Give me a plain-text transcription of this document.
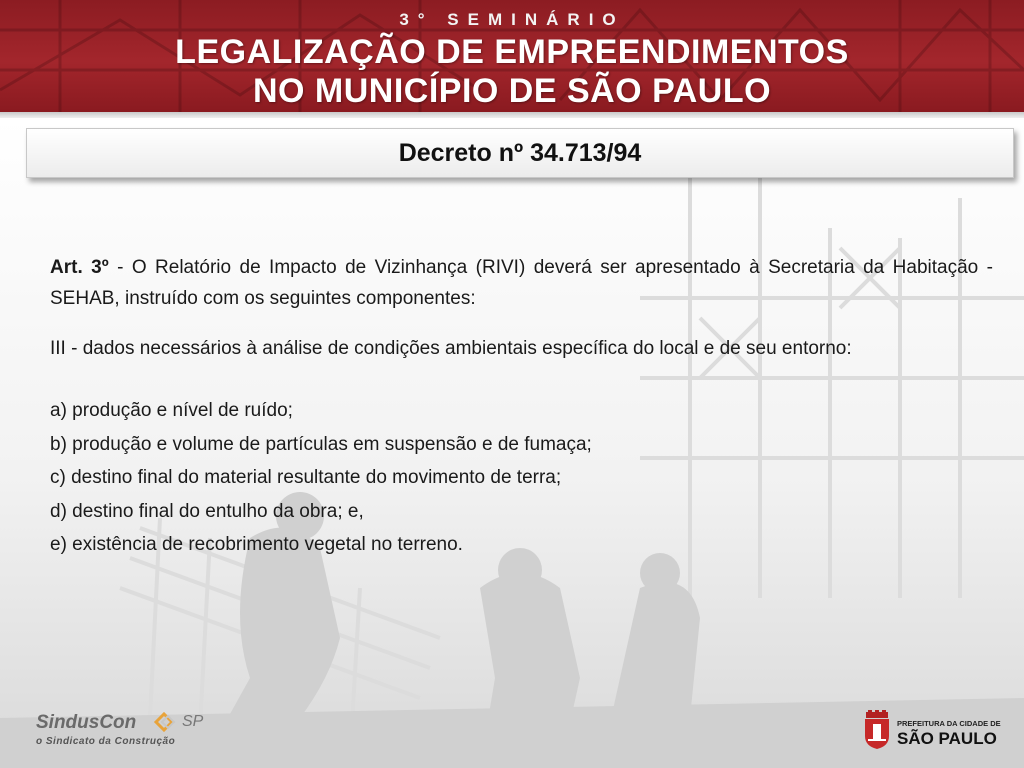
3° SEMINÁRIO
LEGALIZAÇÃO DE EMPREENDIMENTOS
NO MUNICÍPIO DE SÃO PAULO
Decreto nº 34.713/94

Art. 3º - O Relatório de Impacto de Vizinhança (RIVI) deverá ser apresentado à Secretaria da Habitação - SEHAB, instruído com os seguintes componentes:

III - dados necessários à análise de condições ambientais específica do local e de seu entorno:

a) produção e nível de ruído;

b) produção e volume de partículas em suspensão e de fumaça;

c) destino final do material resultante do movimento de terra;

d) destino final do entulho da obra; e,

e) existência de recobrimento vegetal no terreno.

SindusCon	SP
o Sindicato da Construção
PREFEITURA DA CIDADE DE
SÃO PAULO
